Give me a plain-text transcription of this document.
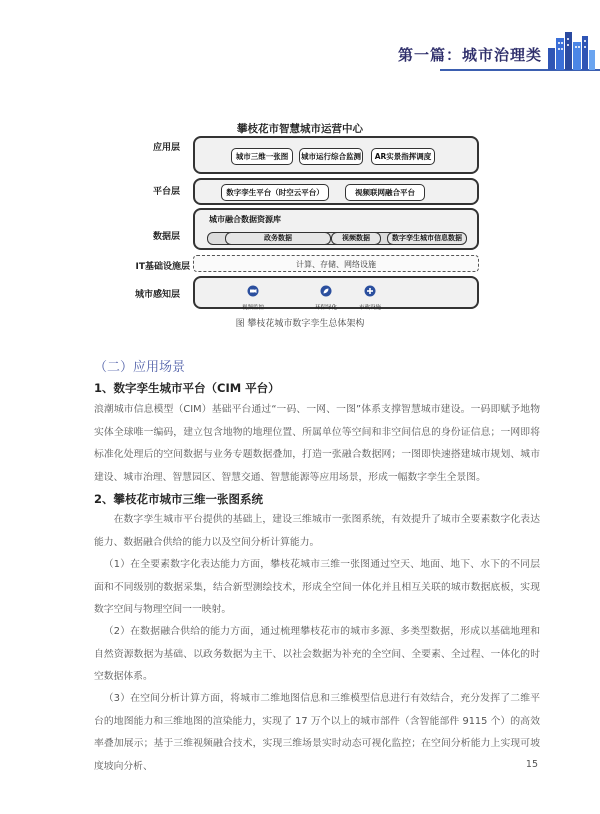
第一篇：城市治理类
攀枝花市智慧城市运营中心
应用层
城市三维一张图	城市运行综合监测	AR实景指挥调度
平台层	数字孪生平台（时空云平台）	视频联网融合平台
数据层
城市融合数据资源库
政务数据	视频数据	数字孪生城市信息数据
IT基础设施层	计算、存储、网络设施
城市感知层
视频监控	环保绿化	市政设施
图 攀枝花城市数字孪生总体架构
（二）应用场景
1、数字孪生城市平台（CIM 平台）
浪潮城市信息模型（CIM）基础平台通过“一码、一网、一图”体系支撑智慧城市建设。一码即赋予地物实体全球唯一编码，建立包含地物的地理位置、所属单位等空间和非空间信息的身份证信息；一网即将标准化处理后的空间数据与业务专题数据叠加，打造一张融合数据网；一图即快速搭建城市规划、城市建设、城市治理、智慧园区、智慧交通、智慧能源等应用场景，形成一幅数字孪生全景图。
2、攀枝花市城市三维一张图系统
在数字孪生城市平台提供的基础上，建设三维城市一张图系统，有效提升了城市全要素数字化表达能力、数据融合供给的能力以及空间分析计算能力。
（1）在全要素数字化表达能力方面，攀枝花城市三维一张图通过空天、地面、地下、水下的不同层面和不同级别的数据采集，结合新型测绘技术，形成全空间一体化并且相互关联的城市数据底板，实现数字空间与物理空间一一映射。
（2）在数据融合供给的能力方面，通过梳理攀枝花市的城市多源、多类型数据，形成以基础地理和自然资源数据为基础、以政务数据为主干、以社会数据为补充的全空间、全要素、全过程、一体化的时空数据体系。
（3）在空间分析计算方面，将城市二维地图信息和三维模型信息进行有效结合，充分发挥了二维平台的地图能力和三维地图的渲染能力，实现了 17 万个以上的城市部件（含智能部件 9115 个）的高效率叠加展示；基于三维视频融合技术，实现三维场景实时动态可视化监控；在空间分析能力上实现可坡度坡向分析、	15
